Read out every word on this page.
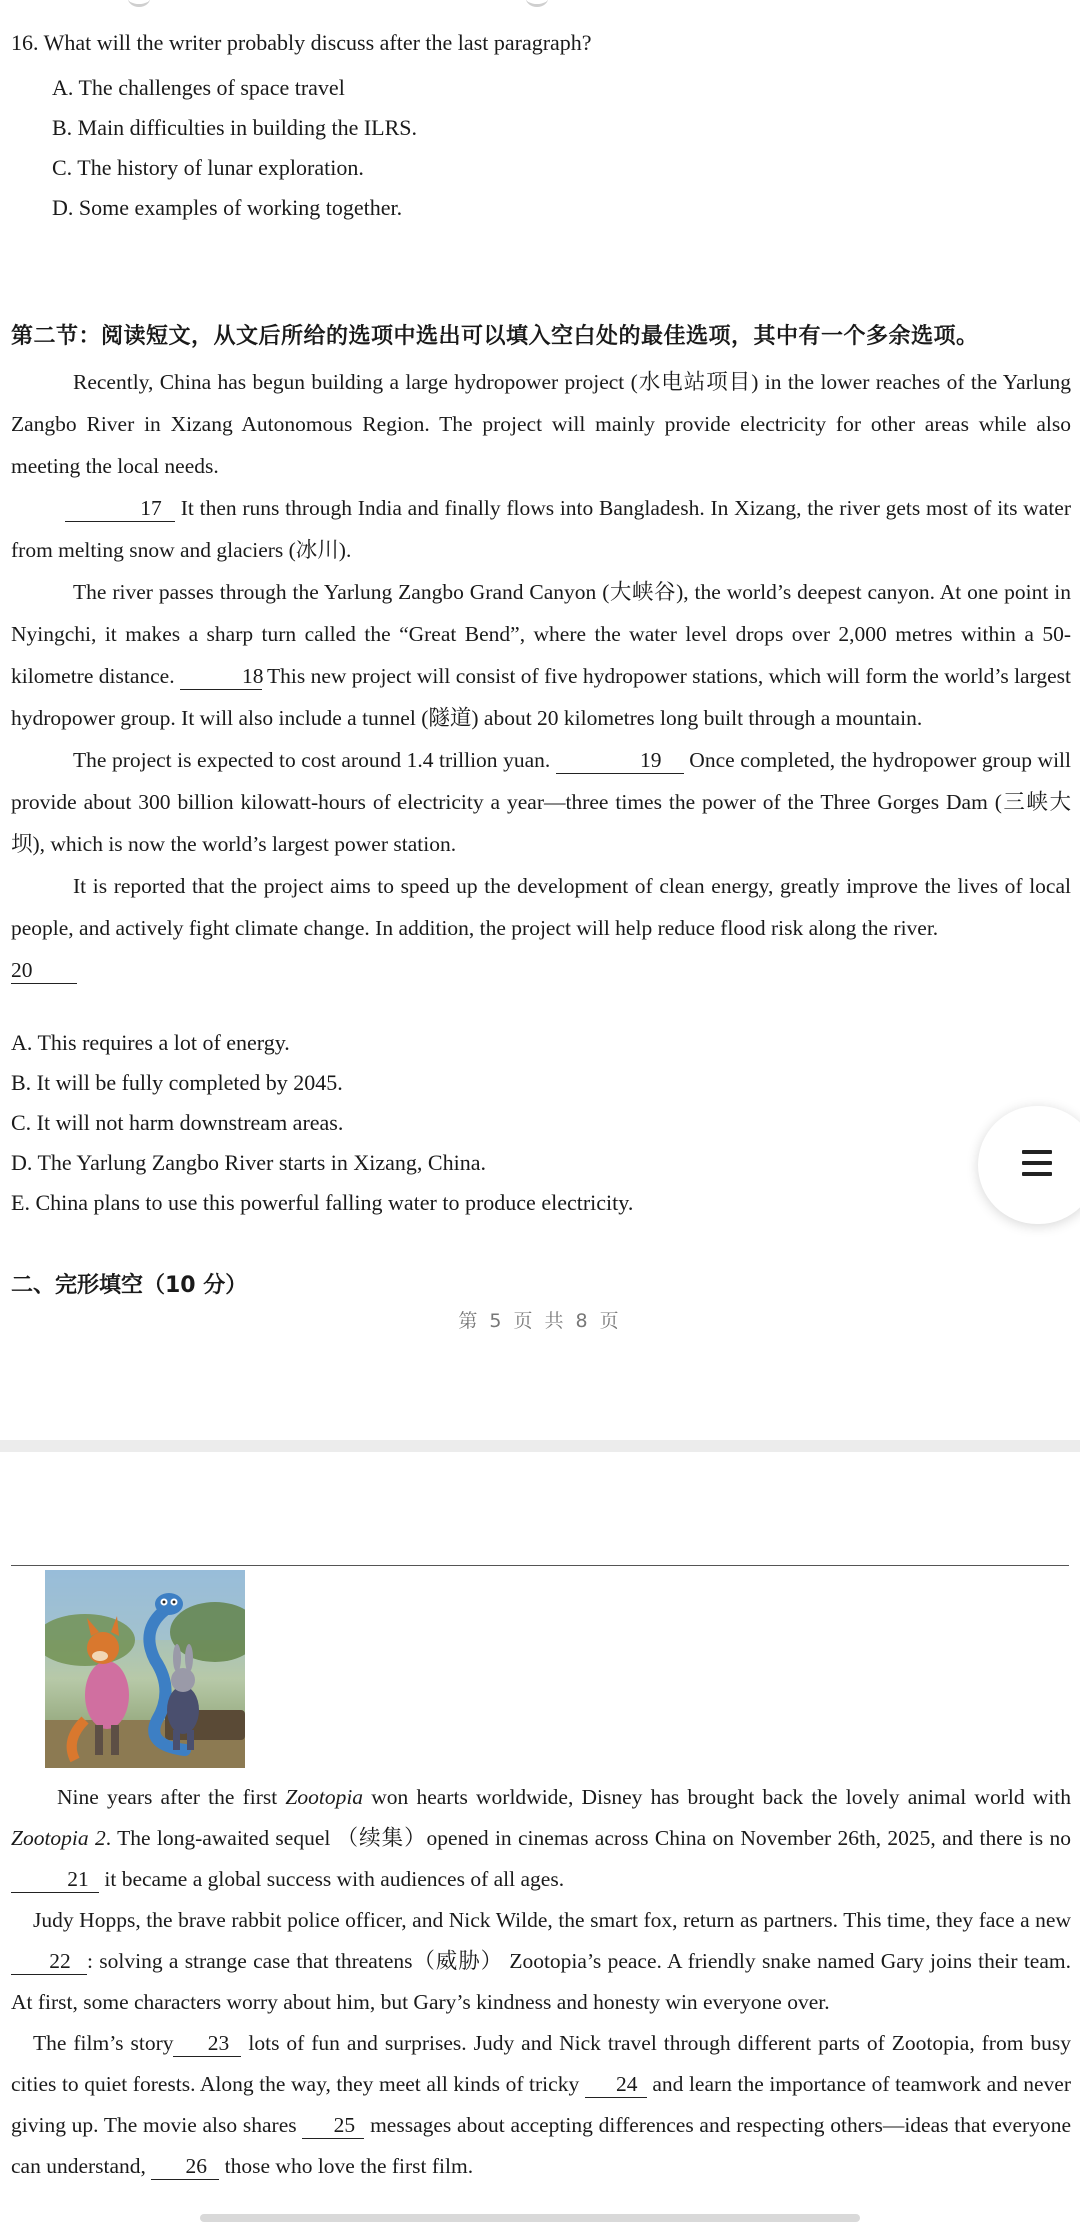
16. What will the writer probably discuss after the last paragraph?
A. The challenges of space travel
B. Main difficulties in building the ILRS.
C. The history of lunar exploration.
D. Some examples of working together.
第二节：阅读短文，从文后所给的选项中选出可以填入空白处的最佳选项，其中有一个多余选项。

Recently, China has begun building a large hydropower project (水电站项目) in the lower reaches of the Yarlung Zangbo River in Xizang Autonomous Region. The project will mainly provide electricity for other areas while also meeting the local needs.

17 It then runs through India and finally flows into Bangladesh. In Xizang, the river gets most of its water from melting snow and glaciers (冰川).

The river passes through the Yarlung Zangbo Grand Canyon (大峡谷), the world’s deepest canyon. At one point in Nyingchi, it makes a sharp turn called the “Great Bend”, where the water level drops over 2,000 metres within a 50-kilometre distance.	18 This new project will consist of five hydropower stations, which will form the world’s largest hydropower group. It will also include a tunnel (隧道) about 20 kilometres long built through a mountain.

The project is expected to cost around 1.4 trillion yuan.	19 Once completed, the hydropower group will provide about 300 billion kilowatt-hours of electricity a year—three times the power of the Three Gorges Dam (三峡大坝), which is now the world’s largest power station.

It is reported that the project aims to speed up the development of clean energy, greatly improve the lives of local people, and actively fight climate change. In addition, the project will help reduce flood risk along the river.

20

A. This requires a lot of energy.
B. It will be fully completed by 2045.
C. It will not harm downstream areas.
D. The Yarlung Zangbo River starts in Xizang, China.
E. China plans to use this powerful falling water to produce electricity.
二、完形填空（10 分）
第 5 页 共 8 页

Nine years after the first Zootopia won hearts worldwide, Disney has brought back the lovely animal world with Zootopia 2. The long-awaited sequel （续集）opened in cinemas across China on November 26th, 2025, and there is no21 it became a global success with audiences of all ages.

Judy Hopps, the brave rabbit police officer, and Nick Wilde, the smart fox, return as partners. This time, they face a new22 : solving a strange case that threatens（威胁） Zootopia’s peace. A friendly snake named Gary joins their team. At first, some characters worry about him, but Gary’s kindness and honesty win everyone over.

The film’s story 23 lots of fun and surprises. Judy and Nick travel through different parts of Zootopia, from busy cities to quiet forests. Along the way, they meet all kinds of tricky 24 and learn the importance of teamwork and never giving up. The movie also shares 25 messages about accepting differences and respecting others—ideas that everyone can understand, 26 those who love the first film.
